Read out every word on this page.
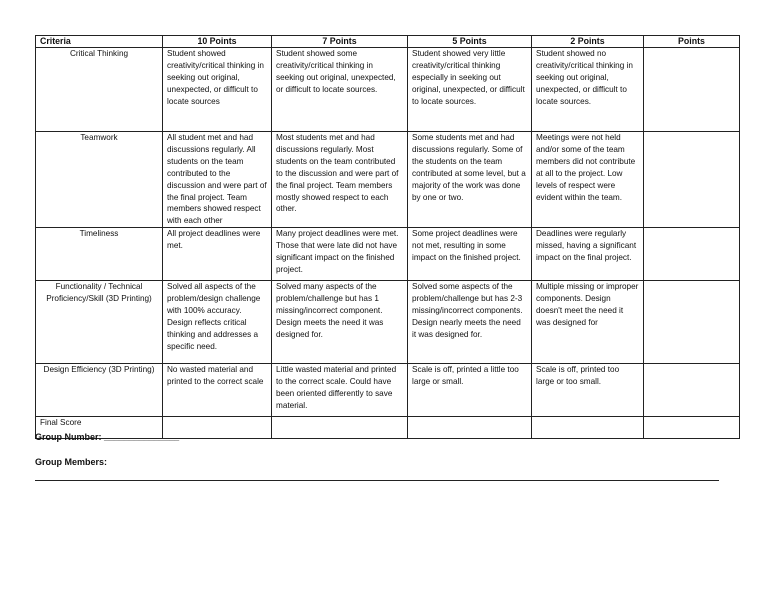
Criteria	10 Points	7 Points	5 Points	2 Points	Points
Critical Thinking	Student showed creativity/critical thinking in seeking out original, unexpected, or difficult to locate sources	Student showed some creativity/critical thinking in seeking out original, unexpected, or difficult to locate sources.	Student showed very little creativity/critical thinking especially in seeking out original, unexpected, or difficult to locate sources.	Student showed no creativity/critical thinking in seeking out original, unexpected, or difficult to locate sources.	
Teamwork	All student met and had discussions regularly. All students on the team contributed to the discussion and were part of the final project. Team members showed respect with each other	Most students met and had discussions regularly. Most students on the team contributed to the discussion and were part of the final project. Team members mostly showed respect to each other.	Some students met and had discussions regularly. Some of the students on the team contributed at some level, but a majority of the work was done by one or two.	Meetings were not held and/or some of the team members did not contribute at all to the project. Low levels of respect were evident within the team.	
Timeliness	All project deadlines were met.	Many project deadlines were met. Those that were late did not have significant impact on the finished project.	Some project deadlines were not met, resulting in some impact on the finished project.	Deadlines were regularly missed, having a significant impact on the final project.	
Functionality / Technical Proficiency/Skill (3D Printing)	Solved all aspects of the problem/design challenge with 100% accuracy. Design reflects critical thinking and addresses a specific need.	Solved many aspects of the problem/challenge but has 1 missing/incorrect component. Design meets the need it was designed for.	Solved some aspects of the problem/challenge but has 2-3 missing/incorrect components. Design nearly meets the need it was designed for.	Multiple missing or improper components. Design doesn't meet the need it was designed for	
Design Efficiency (3D Printing)	No wasted material and printed to the correct scale	Little wasted material and printed to the correct scale. Could have been oriented differently to save material.	Scale is off, printed a little too large or small.	Scale is off, printed too large or too small.	
Final Score					
Group Number: _______________
Group Members:
